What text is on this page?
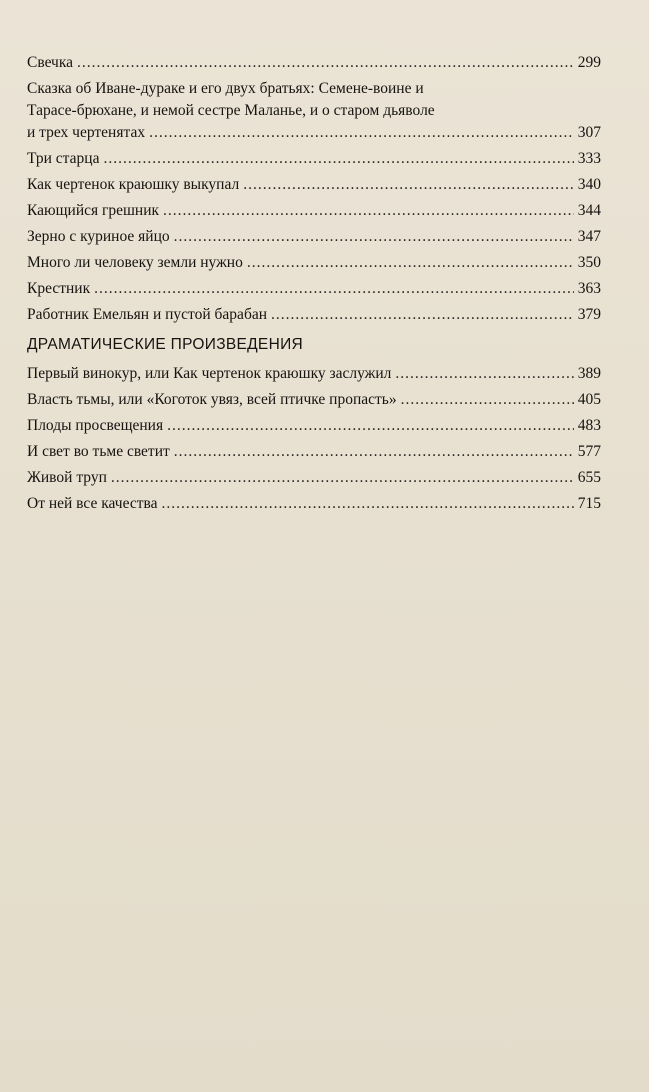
Свечка .....	299
Сказка об Иване-дураке и его двух братьях: Семене-воине и
Тарасе-брюхане, и немой сестре Маланье, и о старом дьяволе
и трех чертенятах .....	307
Три старца .....	333
Как чертенок краюшку выкупал .....	340
Кающийся грешник .....	344
Зерно с куриное яйцо .....	347
Много ли человеку земли нужно .....	350
Крестник .....	363
Работник Емельян и пустой барабан .....	379
ДРАМАТИЧЕСКИЕ ПРОИЗВЕДЕНИЯ
Первый винокур, или Как чертенок краюшку заслужил .....	389
Власть тьмы, или «Коготок увяз, всей птичке пропасть» .....	405
Плоды просвещения .....	483
И свет во тьме светит .....	577
Живой труп .....	655
От ней все качества .....	715
